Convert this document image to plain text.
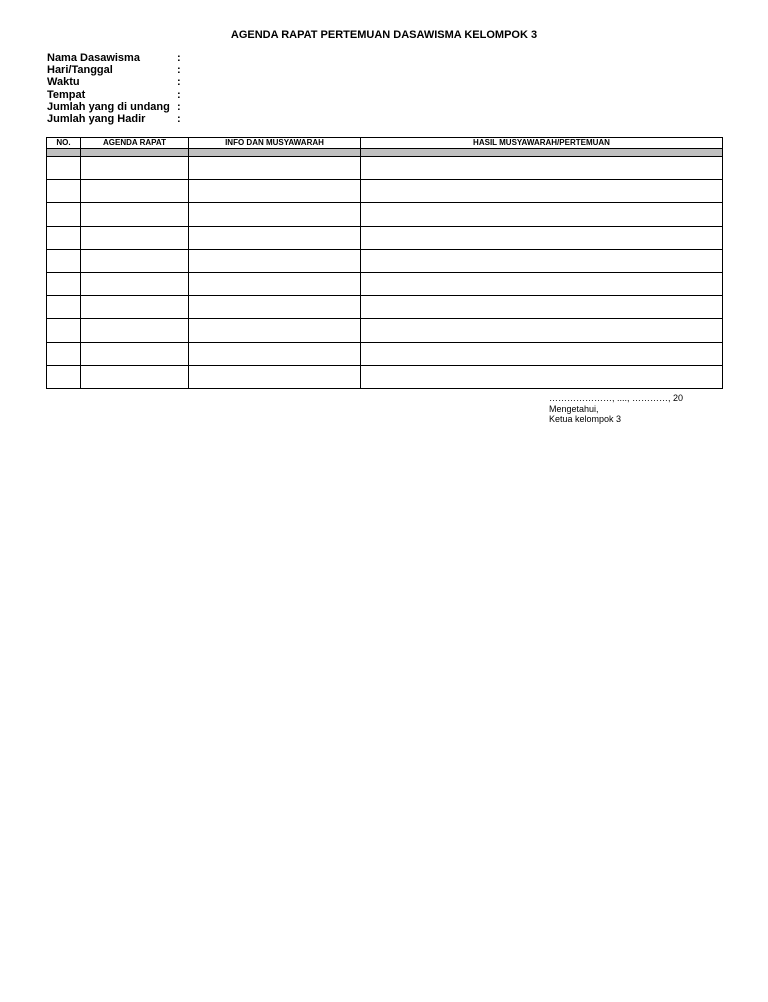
AGENDA RAPAT PERTEMUAN DASAWISMA KELOMPOK 3
Nama Dasawisma	:
Hari/Tanggal	:
Waktu	:
Tempat	:
Jumlah yang di undang :
Jumlah yang Hadir	:
NO.	AGENDA RAPAT	INFO DAN MUSYAWARAH	HASIL MUSYAWARAH/PERTEMUAN

…………………, ...., …………, 20
Mengetahui,
Ketua kelompok 3
